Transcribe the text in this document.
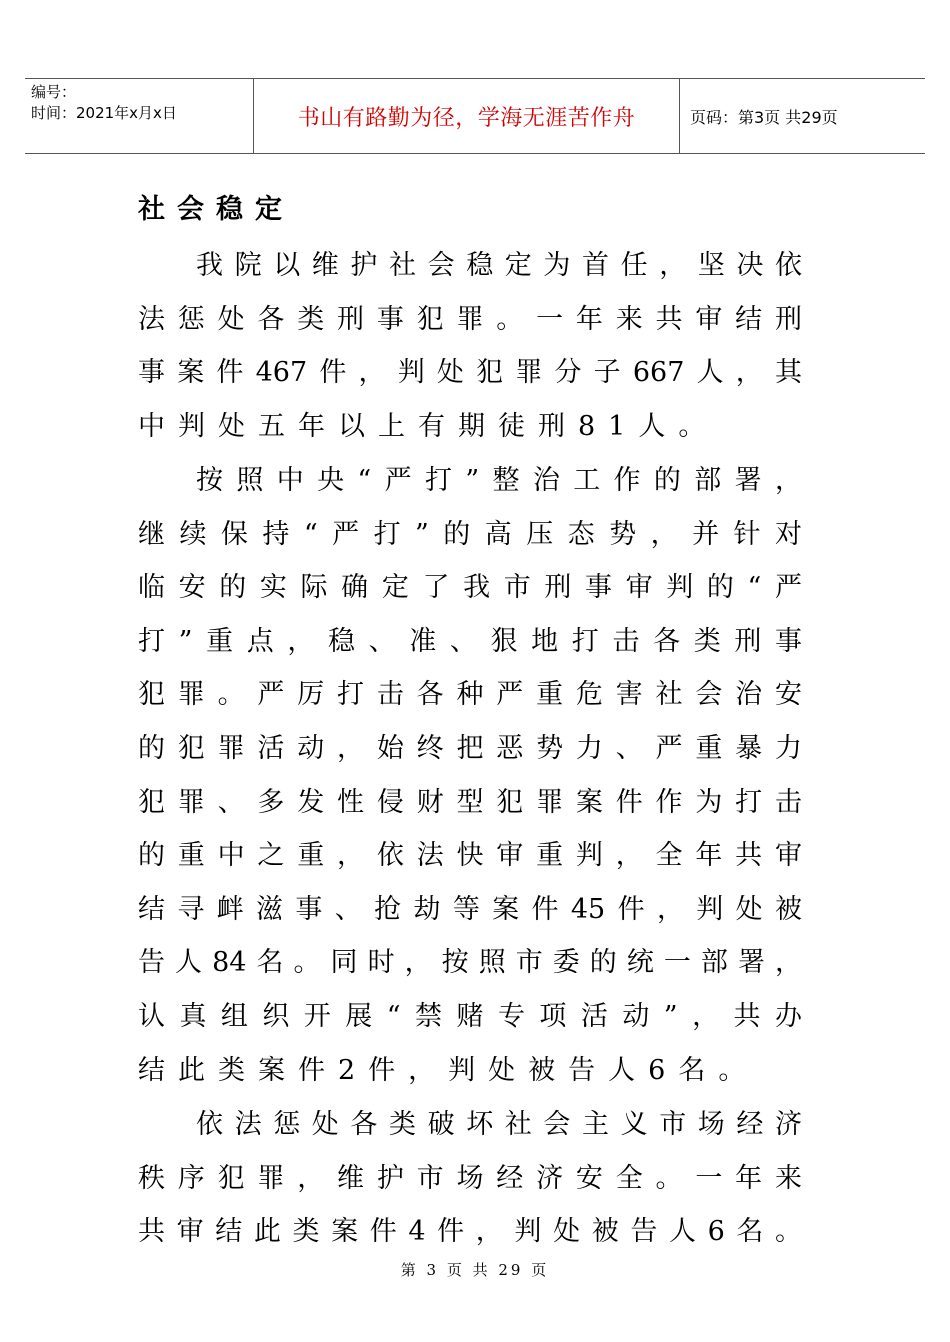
编号：
时间：2021年x月x日	书山有路勤为径，学海无涯苦作舟	页码：第3页 共29页
社会稳定
我院以维护社会稳定为首任，坚决依
法惩处各类刑事犯罪。一年来共审结刑
事案件467件，判处犯罪分子667人，其
中判处五年以上有期徒刑81人。
按照中央“严打”整治工作的部署，
继续保持“严打”的高压态势，并针对
临安的实际确定了我市刑事审判的“严
打”重点，稳、准、狠地打击各类刑事
犯罪。严厉打击各种严重危害社会治安
的犯罪活动，始终把恶势力、严重暴力
犯罪、多发性侵财型犯罪案件作为打击
的重中之重，依法快审重判，全年共审
结寻衅滋事、抢劫等案件45件，判处被
告人84名。同时，按照市委的统一部署，
认真组织开展“禁赌专项活动”，共办
结此类案件2件，判处被告人6名。
依法惩处各类破坏社会主义市场经济
秩序犯罪，维护市场经济安全。一年来
共审结此类案件4件，判处被告人6名。
第 3 页 共 29 页
